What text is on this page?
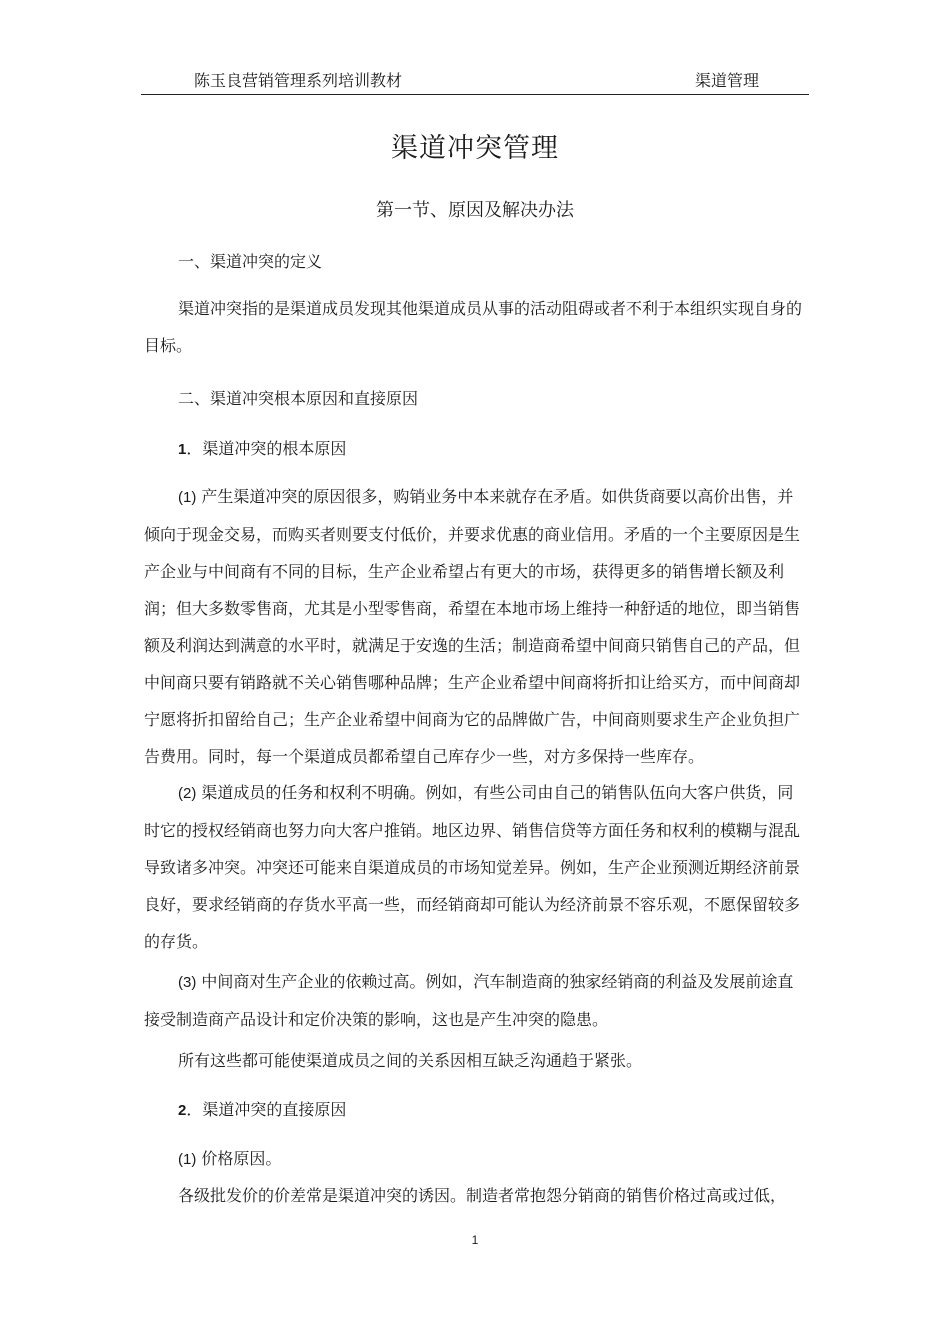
陈玉良营销管理系列培训教材	渠道管理
渠道冲突管理
第一节、原因及解决办法
一、渠道冲突的定义
渠道冲突指的是渠道成员发现其他渠道成员从事的活动阻碍或者不利于本组织实现自身的目标。
二、渠道冲突根本原因和直接原因
1．渠道冲突的根本原因
(1) 产生渠道冲突的原因很多，购销业务中本来就存在矛盾。如供货商要以高价出售，并倾向于现金交易，而购买者则要支付低价，并要求优惠的商业信用。矛盾的一个主要原因是生产企业与中间商有不同的目标，生产企业希望占有更大的市场，获得更多的销售增长额及利润；但大多数零售商，尤其是小型零售商，希望在本地市场上维持一种舒适的地位，即当销售额及利润达到满意的水平时，就满足于安逸的生活；制造商希望中间商只销售自己的产品，但中间商只要有销路就不关心销售哪种品牌；生产企业希望中间商将折扣让给买方，而中间商却宁愿将折扣留给自己；生产企业希望中间商为它的品牌做广告，中间商则要求生产企业负担广告费用。同时，每一个渠道成员都希望自己库存少一些，对方多保持一些库存。
(2) 渠道成员的任务和权利不明确。例如，有些公司由自己的销售队伍向大客户供货，同时它的授权经销商也努力向大客户推销。地区边界、销售信贷等方面任务和权利的模糊与混乱导致诸多冲突。冲突还可能来自渠道成员的市场知觉差异。例如，生产企业预测近期经济前景良好，要求经销商的存货水平高一些，而经销商却可能认为经济前景不容乐观，不愿保留较多的存货。
(3) 中间商对生产企业的依赖过高。例如，汽车制造商的独家经销商的利益及发展前途直接受制造商产品设计和定价决策的影响，这也是产生冲突的隐患。
所有这些都可能使渠道成员之间的关系因相互缺乏沟通趋于紧张。
2．渠道冲突的直接原因
(1) 价格原因。
各级批发价的价差常是渠道冲突的诱因。制造者常抱怨分销商的销售价格过高或过低，
1
